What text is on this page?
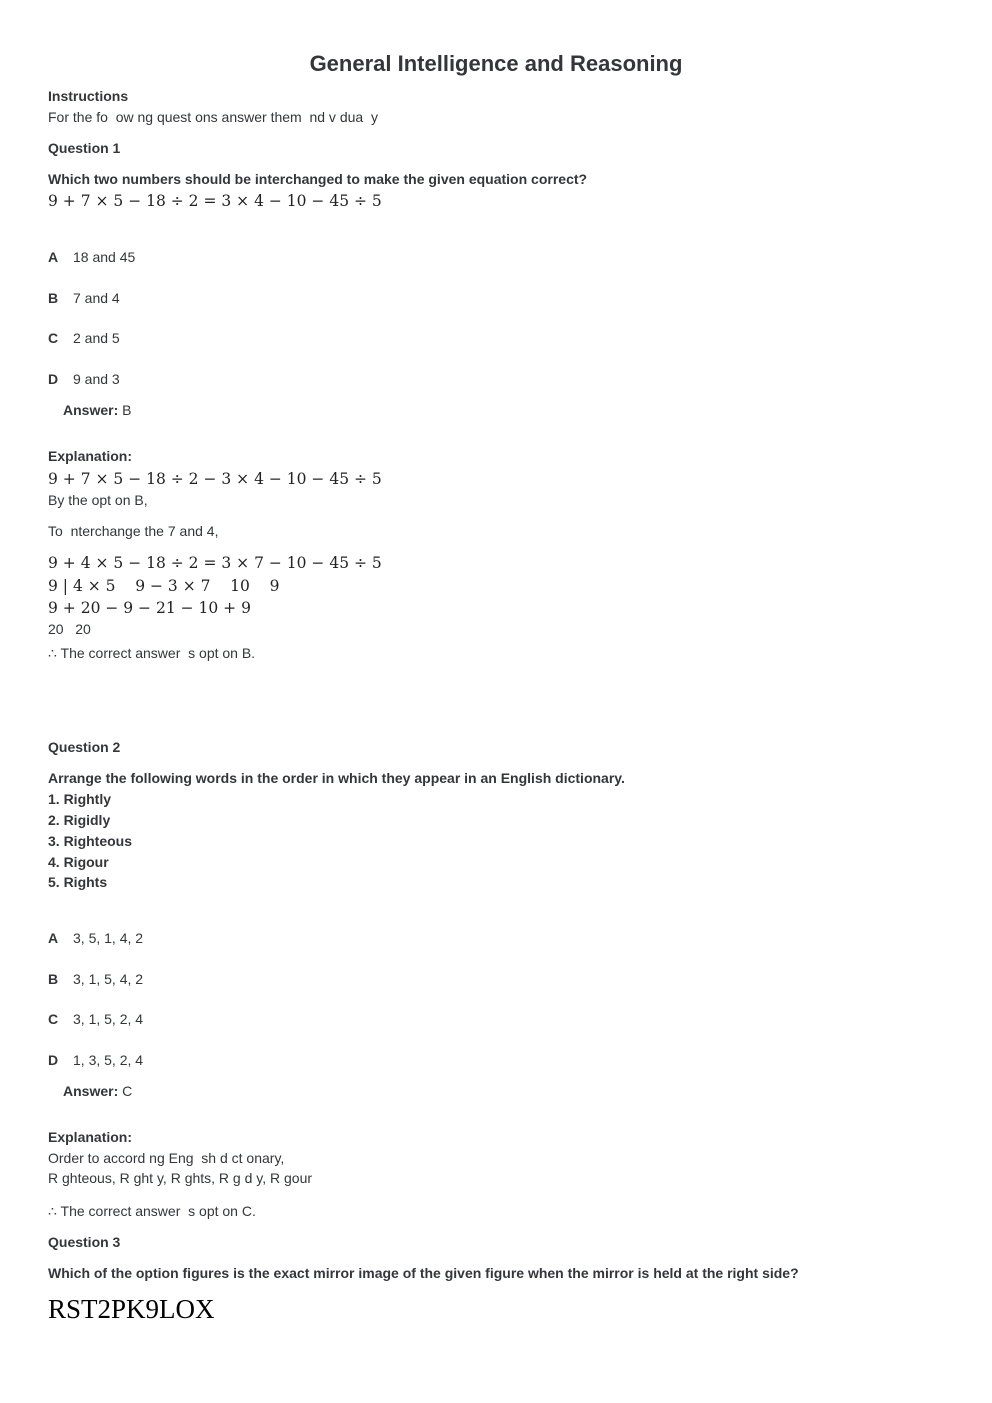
General Intelligence and Reasoning
Instructions
For the fo  ow ng quest ons answer them  nd v dua  y
Question 1
Which two numbers should be interchanged to make the given equation correct?
9 + 7 × 5 − 18 ÷ 2 = 3 × 4 − 10 − 45 ÷ 5
A 18 and 45
B 7 and 4
C 2 and 5
D 9 and 3
Answer: B
Explanation:
9 + 7 × 5 − 18 ÷ 2 − 3 × 4 − 10 − 45 ÷ 5
By the opt on B,
To  nterchange the 7 and 4,
9 + 4 × 5 − 18 ÷ 2 = 3 × 7 − 10 − 45 ÷ 5
9 | 4 × 5    9 − 3 × 7    10    9
9 + 20 − 9 − 21 − 10 + 9
20   20
∴ The correct answer  s opt on B.
Question 2
Arrange the following words in the order in which they appear in an English dictionary.
1. Rightly
2. Rigidly
3. Righteous
4. Rigour
5. Rights
A 3, 5, 1, 4, 2
B 3, 1, 5, 4, 2
C 3, 1, 5, 2, 4
D 1, 3, 5, 2, 4
Answer: C
Explanation:
Order to accord ng Eng  sh d ct onary,
R ghteous, R ght y, R ghts, R g d y, R gour
∴ The correct answer  s opt on C.
Question 3
Which of the option figures is the exact mirror image of the given figure when the mirror is held at the right side?
RST2PK9LOX
